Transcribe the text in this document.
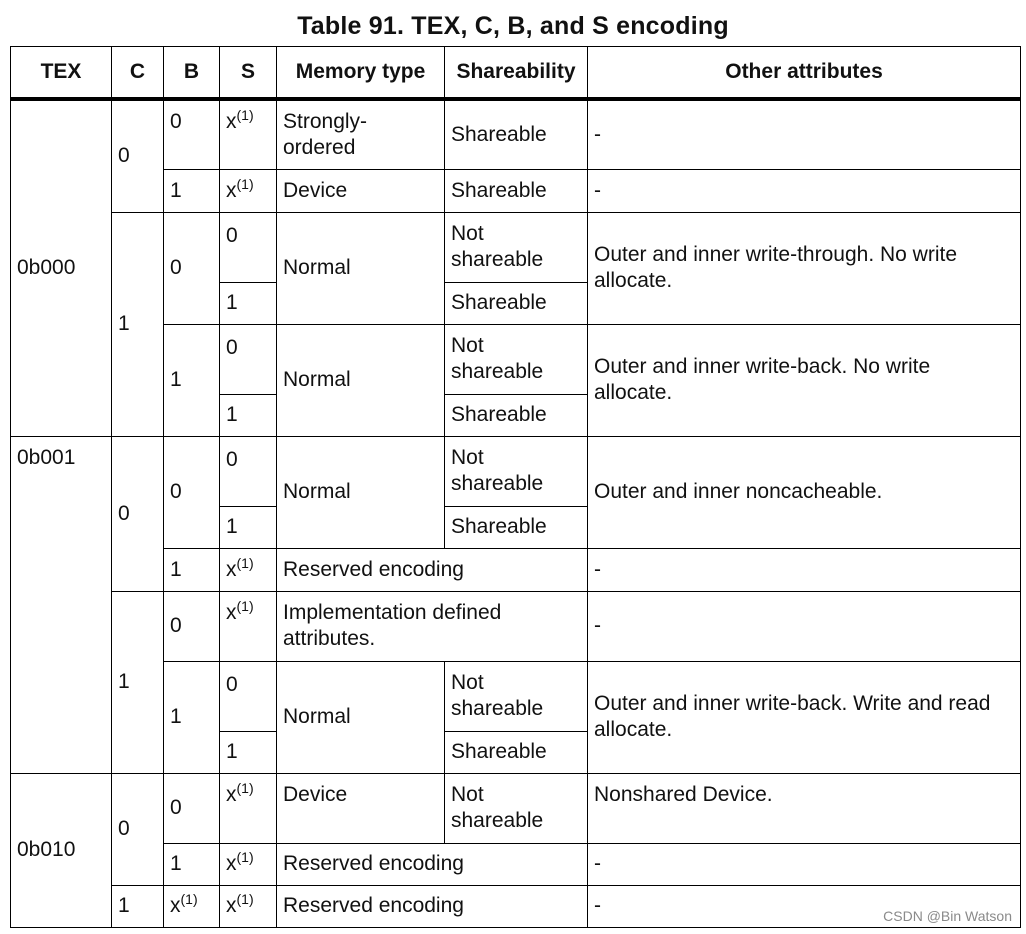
Table 91. TEX, C, B, and S encoding
TEX	C	B	S	Memory type	Shareability	Other attributes
0b000	0	0	$x^{(1)}$	Strongly-ordered	Shareable	-
		1	$x^{(1)}$	Device	Shareable	-
	1	0	0	Normal	Not shareable	Outer and inner write-through. No write allocate.
			1		Shareable	
		1	0	Normal	Not shareable	Outer and inner write-back. No write allocate.
			1		Shareable	

0b001	0	0	0	Normal	Not shareable	Outer and inner noncacheable.
			1		Shareable	
		1	$x^{(1)}$	Reserved encoding		-
	1	0	$x^{(1)}$	Implementation defined attributes.		-
		1	0	Normal	Not shareable	Outer and inner write-back. Write and read allocate.
			1		Shareable	

0b010	0	0	$x^{(1)}$	Device	Not shareable	Nonshared Device.
		1	$x^{(1)}$	Reserved encoding		-
	1	$x^{(1)}$	$x^{(1)}$	Reserved encoding		-	CSDN @Bin Watson
